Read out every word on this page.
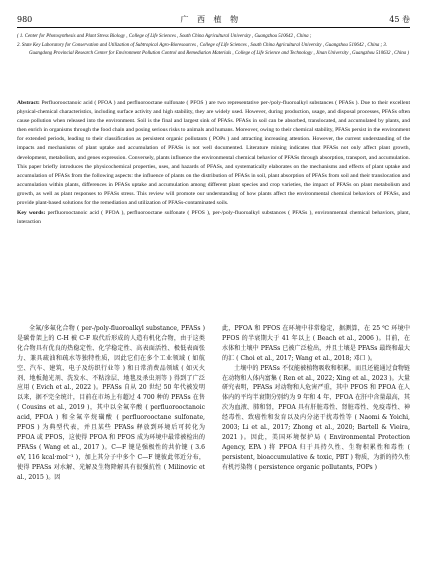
980	广 西 植 物	45 卷

( 1. Center for Photosynthesis and Plant Stress Biology , College of Life Sciences , South China Agricultural University , Guangzhou 510642 , China ;

2. State Key Laboratory for Conservation and Utilization of Subtropical Agro-Bioresources , College of Life Sciences , South China Agricultural University , Guangzhou 510642 , China ; 3. Guangdong Provincial Research Center for Environment Pollution Control and Remediation Materials , College of Life Science and Technology , Jinan University , Guangzhou 510632 , China )

Abstract: Perfluorooctanoic acid ( PFOA ) and perfluorooctane sulfonate ( PFOS ) are two representative per-/poly-fluoroalkyl substances ( PFASs ). Due to their excellent physical-chemical characteristics, including surface activity and high stability, they are widely used. However, during production, usage, and disposal processes, PFASs often cause pollution when released into the environment. Soil is the final and largest sink of PFASs. PFASs in soil can be absorbed, translocated, and accumulated by plants, and then enrich in organisms through the food chain and posing serious risks to animals and humans. Moreover, owing to their chemical stability, PFASs persist in the environment for extended periods, leading to their classification as persistent organic pollutants ( POPs ) and attracting increasing attention. However, the current understanding of the impacts and mechanisms of plant uptake and accumulation of PFASs is not well documented. Literature mining indicates that PFASs not only affect plant growth, development, metabolism, and genes expression. Conversely, plants influence the environmental chemical behavior of PFASs through absorption, transport, and accumulation. This paper briefly introduces the physicochemical properties, uses, and hazards of PFASs, and systematically elaborates on the mechanisms and effects of plant uptake and accumulation of PFASs from the following aspects: the influence of plants on the distribution of PFASs in soil, plant absorption of PFASs from soil and their translocation and accumulation within plants, differences in PFASs uptake and accumulation among different plant species and crop varieties, the impact of PFASs on plant metabolism and growth, as well as plant responses to PFASs stress. This review will promote our understanding of how plants affect the environmental chemical behaviors of PFASs, and provide plant-based solutions for the remediation and utilization of PFASs-contaminated soils.
Key words: perfluorooctanoic acid ( PFOA ), perfluorooctane sulfonate ( PFOS ), per-/poly-fluoroalkyl substances ( PFASs ), environmental chemical behaviors, plant, interaction

全氟/多氟化合物 ( per-/poly-fluoroalkyl substance, PFASs ) 是碳骨架上的 C-H 被 C-F 取代后形成的人造有机化合物，由于这类化合物具有优良的热稳定性、化学稳定性、高表面活性、极低表面张力、兼具疏油和疏水等独特性质，因此它们在多个工业领域 ( 如航空、汽车、建筑、电子及纺织行业等 ) 和日常消费品领域 ( 如灭火剂、地板抛光剂、洗发水、不粘涂层、地毯及杀虫剂等 ) 得到了广泛应用 ( Evich et al., 2022 )。PFASs 自从 20 世纪 50 年代被发明以来，据不完全统计，目前在市场上有超过 4 700 种的 PFASs 在售 ( Cousins et al., 2019 )，其中以全氟辛酸 ( perfluorooctanoic acid, PFOA ) 和全氟辛烷磺酸 ( perfluorooctane sulfonate, PFOS ) 为典型代表，并且某些 PFASs 释放到环境后可转化为 PFOA 或 PFOS，这使得 PFOA 和 PFOS 成为环境中最常被检出的 PFASs ( Wang et al., 2017 )。C—F 键是强极性的共价键 ( 3.6 eV, 116 kcal·mol⁻¹ )，加上其分子中多个 C—F 键彼此邻近分布，使得 PFASs 对水解、光解及生物降解具有很强抗性 ( Milinovic et al., 2015 )。因

此，PFOA 和 PFOS 在环境中非常稳定，据测算，在 25 ℃ 环境中 PFOS 的半衰期大于 41 年以上 ( Beach et al., 2006 )。目前，在水体和土壤中 PFASs 已被广泛检出，并且土壤是 PFASs 最终和最大的汇 ( Choi et al., 2017; Wang et al., 2018; 邓口 )。

土壤中的 PFASs 不仅能被植物吸收和积累，而且还能通过食物链在动物和人体内富集 ( Ren et al., 2022; Xing et al., 2023 )。大量研究表明，PFASs 对动物和人危害严重，其中 PFOS 和 PFOA 在人体内的平均半衰期分别约为 9 年和 4 年，PFOA 在肝中含量最高，其次为血液、肺和肾，PFOA 具有肝脏毒性、肾脏毒性、免疫毒性、神经毒性、致癌性和发育以及内分泌干扰毒性等 ( Naomi & Yoichi, 2003; Li et al., 2017; Zhong et al., 2020; Bartell & Vieira, 2021 )。因此，美国环境保护局 ( Environmental Protection Agency, EPA ) 将 PFOA 归于具持久性、生物积累性和毒性 ( persistent, bioaccumulative & toxic, PBT ) 物质，为新的持久性有机污染物 ( persistence organic pollutants, POPs )
